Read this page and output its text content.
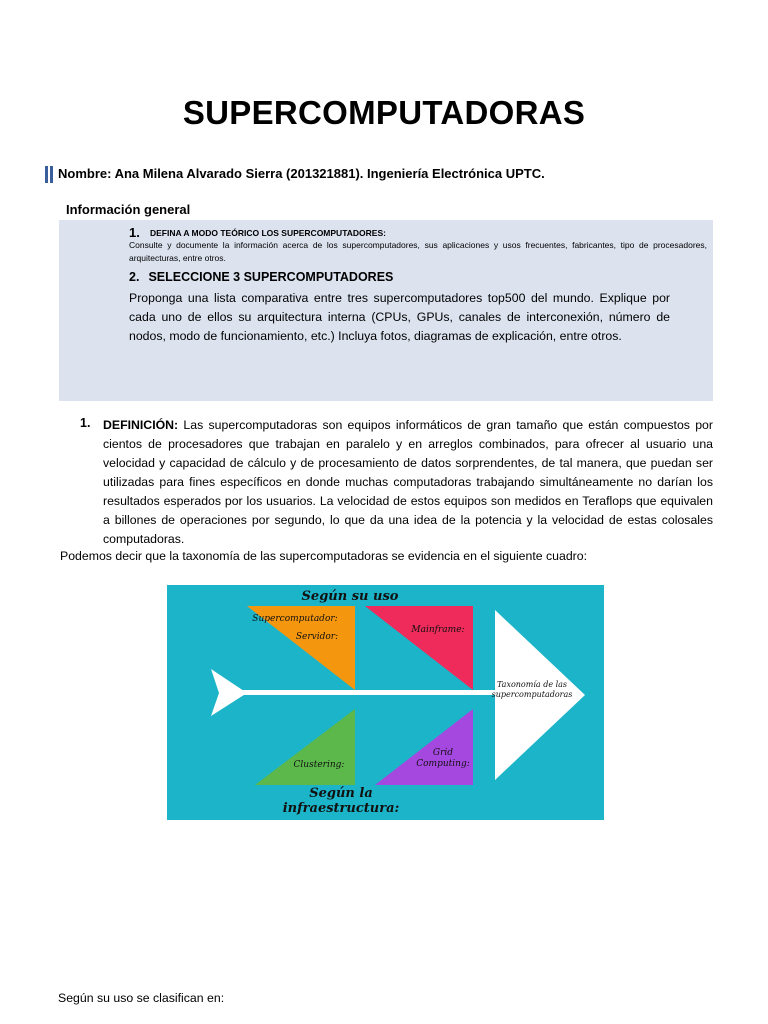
SUPERCOMPUTADORAS
Nombre: Ana Milena Alvarado Sierra (201321881). Ingeniería Electrónica UPTC.
Información general
1. DEFINA A MODO TEÓRICO LOS SUPERCOMPUTADORES:
Consulte y documente la información acerca de los supercomputadores, sus aplicaciones y usos frecuentes, fabricantes, tipo de procesadores, arquitecturas, entre otros.
2. SELECCIONE 3 SUPERCOMPUTADORES
Proponga una lista comparativa entre tres supercomputadores top500 del mundo. Explique por cada uno de ellos su arquitectura interna (CPUs, GPUs, canales de interconexión, número de nodos, modo de funcionamiento, etc.) Incluya fotos, diagramas de explicación, entre otros.
1. DEFINICIÓN: Las supercomputadoras son equipos informáticos de gran tamaño que están compuestos por cientos de procesadores que trabajan en paralelo y en arreglos combinados, para ofrecer al usuario una velocidad y capacidad de cálculo y de procesamiento de datos sorprendentes, de tal manera, que puedan ser utilizadas para fines específicos en donde muchas computadoras trabajando simultáneamente no darían los resultados esperados por los usuarios. La velocidad de estos equipos son medidos en Teraflops que equivalen a billones de operaciones por segundo, lo que da una idea de la potencia y la velocidad de estas colosales computadoras.
Podemos decir que la taxonomía de las supercomputadoras se evidencia en el siguiente cuadro:
Según su uso
Según la
infraestructura:
Supercomputador:
Servidor:
Mainframe:
Clustering:
Grid
Computing:
Taxonomía de las
supercomputadoras
Según su uso se clasifican en:
